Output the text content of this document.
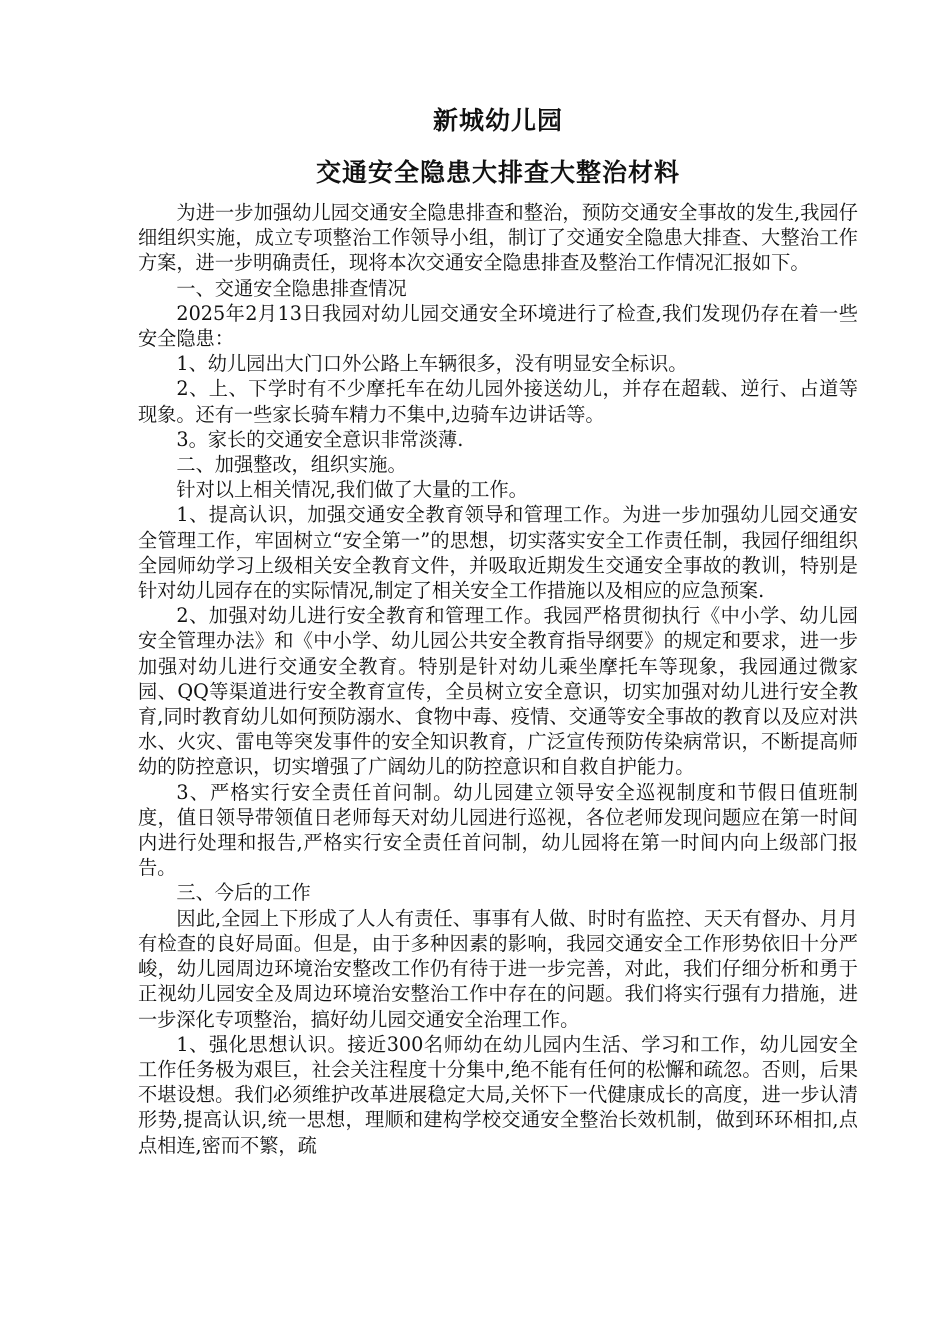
新城幼儿园
交通安全隐患大排查大整治材料

为进一步加强幼儿园交通安全隐患排查和整治，预防交通安全事故的发生,我园仔细组织实施，成立专项整治工作领导小组，制订了交通安全隐患大排查、大整治工作方案，进一步明确责任，现将本次交通安全隐患排查及整治工作情况汇报如下。

一、交通安全隐患排查情况

2025年2月13日我园对幼儿园交通安全环境进行了检查,我们发现仍存在着一些安全隐患：

1、幼儿园出大门口外公路上车辆很多，没有明显安全标识。

2、上、下学时有不少摩托车在幼儿园外接送幼儿，并存在超载、逆行、占道等现象。还有一些家长骑车精力不集中,边骑车边讲话等。

3。家长的交通安全意识非常淡薄.

二、加强整改，组织实施。

针对以上相关情况,我们做了大量的工作。

1、提高认识，加强交通安全教育领导和管理工作。为进一步加强幼儿园交通安全管理工作，牢固树立“安全第一”的思想，切实落实安全工作责任制，我园仔细组织全园师幼学习上级相关安全教育文件，并吸取近期发生交通安全事故的教训，特别是针对幼儿园存在的实际情况,制定了相关安全工作措施以及相应的应急预案.

2、加强对幼儿进行安全教育和管理工作。我园严格贯彻执行《中小学、幼儿园安全管理办法》和《中小学、幼儿园公共安全教育指导纲要》的规定和要求，进一步加强对幼儿进行交通安全教育。特别是针对幼儿乘坐摩托车等现象，我园通过微家园、QQ等渠道进行安全教育宣传，全员树立安全意识，切实加强对幼儿进行安全教育,同时教育幼儿如何预防溺水、食物中毒、疫情、交通等安全事故的教育以及应对洪水、火灾、雷电等突发事件的安全知识教育，广泛宣传预防传染病常识，不断提高师幼的防控意识，切实增强了广阔幼儿的防控意识和自救自护能力。

3、严格实行安全责任首问制。幼儿园建立领导安全巡视制度和节假日值班制度，值日领导带领值日老师每天对幼儿园进行巡视，各位老师发现问题应在第一时间内进行处理和报告,严格实行安全责任首问制，幼儿园将在第一时间内向上级部门报告。

三、今后的工作

因此,全园上下形成了人人有责任、事事有人做、时时有监控、天天有督办、月月有检查的良好局面。但是，由于多种因素的影响，我园交通安全工作形势依旧十分严峻，幼儿园周边环境治安整改工作仍有待于进一步完善，对此，我们仔细分析和勇于正视幼儿园安全及周边环境治安整治工作中存在的问题。我们将实行强有力措施，进一步深化专项整治，搞好幼儿园交通安全治理工作。

1、强化思想认识。接近300名师幼在幼儿园内生活、学习和工作，幼儿园安全工作任务极为艰巨，社会关注程度十分集中,绝不能有任何的松懈和疏忽。否则，后果不堪设想。我们必须维护改革进展稳定大局,关怀下一代健康成长的高度，进一步认清形势,提高认识,统一思想，理顺和建构学校交通安全整治长效机制，做到环环相扣,点点相连,密而不繁，疏
